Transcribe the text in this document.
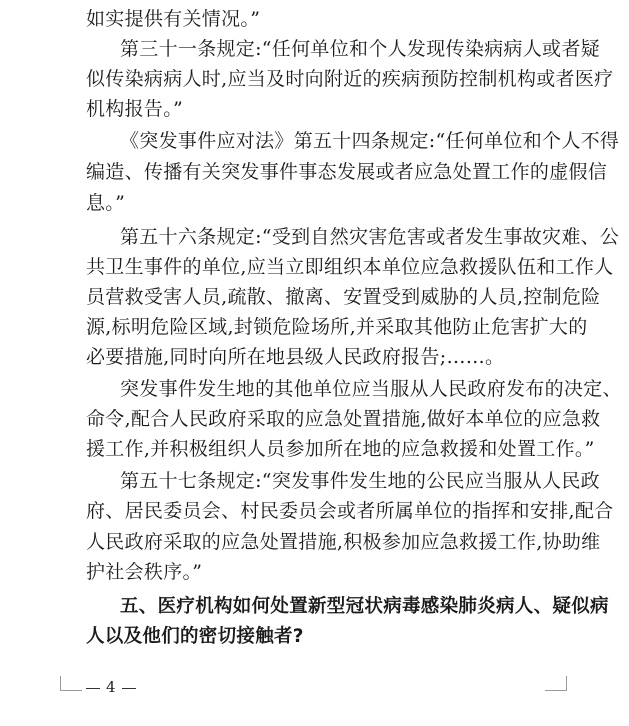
如实提供有关情况。”
第三十一条规定:“任何单位和个人发现传染病病人或者疑
似传染病病人时,应当及时向附近的疾病预防控制机构或者医疗
机构报告。”
《突发事件应对法》第五十四条规定:“任何单位和个人不得
编造、传播有关突发事件事态发展或者应急处置工作的虚假信
息。”
第五十六条规定:“受到自然灾害危害或者发生事故灾难、公
共卫生事件的单位,应当立即组织本单位应急救援队伍和工作人
员营救受害人员,疏散、撤离、安置受到威胁的人员,控制危险
源,标明危险区域,封锁危险场所,并采取其他防止危害扩大的
必要措施,同时向所在地县级人民政府报告;……。
突发事件发生地的其他单位应当服从人民政府发布的决定、
命令,配合人民政府采取的应急处置措施,做好本单位的应急救
援工作,并积极组织人员参加所在地的应急救援和处置工作。”
第五十七条规定:“突发事件发生地的公民应当服从人民政
府、居民委员会、村民委员会或者所属单位的指挥和安排,配合
人民政府采取的应急处置措施,积极参加应急救援工作,协助维
护社会秩序。”
五、医疗机构如何处置新型冠状病毒感染肺炎病人、疑似病
人以及他们的密切接触者?
4
